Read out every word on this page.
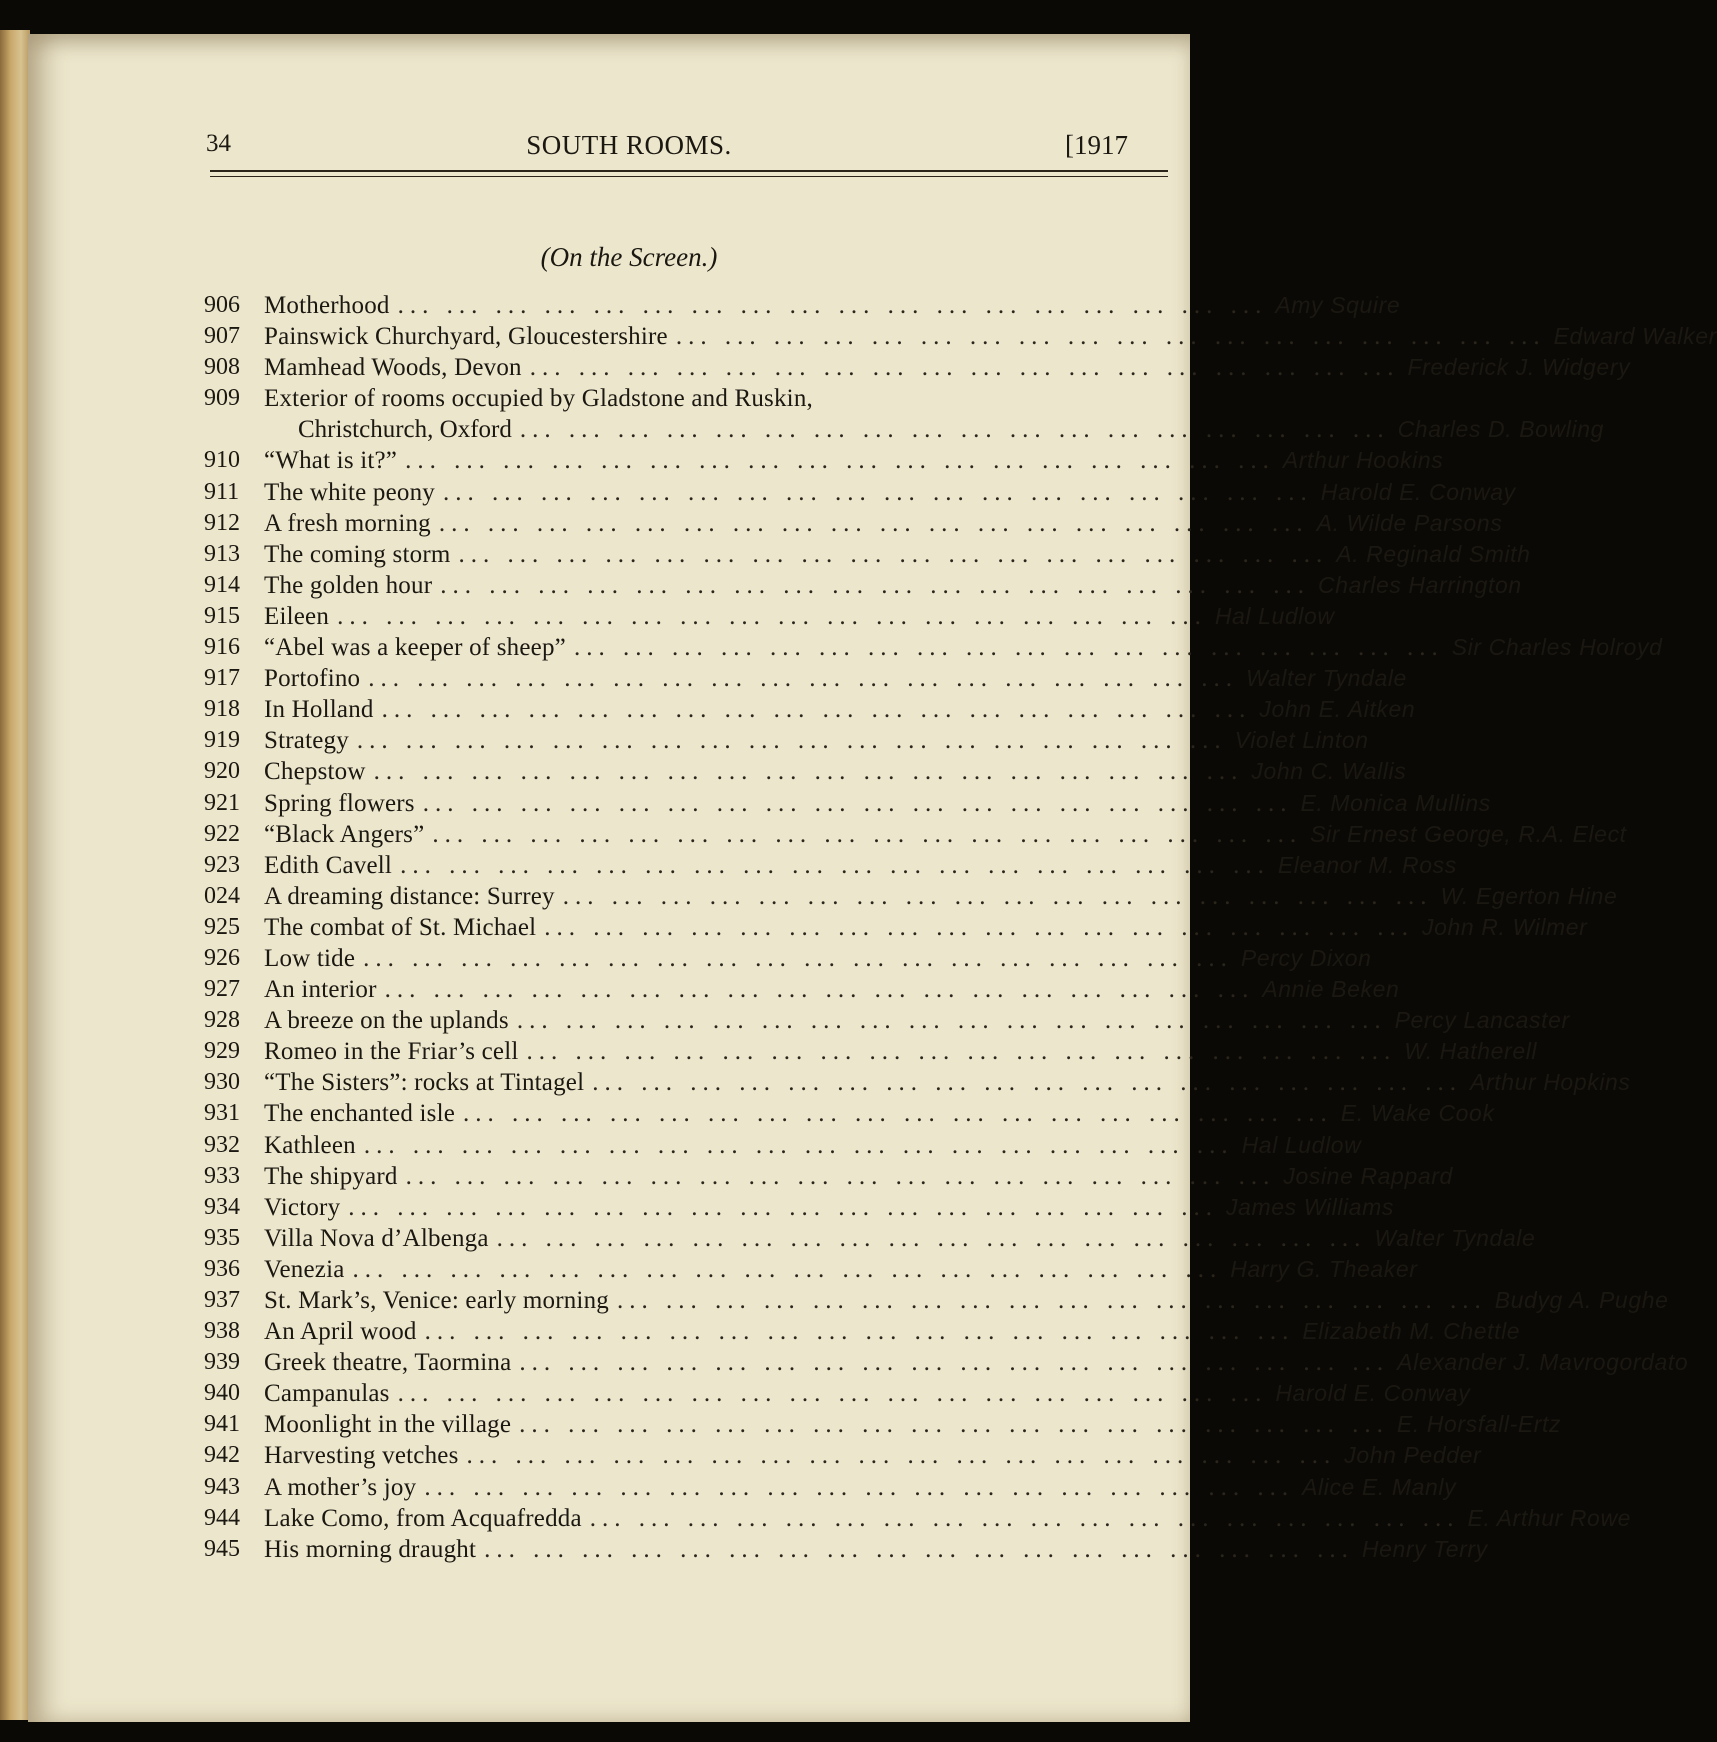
34	SOUTH ROOMS.	[1917
(On the Screen.)
906 Motherhood ... ... ... ... ... ... ... ... ... ... ... ... ... ... ... ... ... ... Amy Squire
907 Painswick Churchyard, Gloucestershire ... ... ... ... ... ... ... ... ... ... ... ... ... ... ... ... ... ... Edward Walker
908 Mamhead Woods, Devon ... ... ... ... ... ... ... ... ... ... ... ... ... ... ... ... ... ... Frederick J. Widgery
909 Exterior of rooms occupied by Gladstone and Ruskin,
Christchurch, Oxford ... ... ... ... ... ... ... ... ... ... ... ... ... ... ... ... ... ... Charles D. Bowling
910 “What is it?” ... ... ... ... ... ... ... ... ... ... ... ... ... ... ... ... ... ... Arthur Hookins
911 The white peony ... ... ... ... ... ... ... ... ... ... ... ... ... ... ... ... ... ... Harold E. Conway
912 A fresh morning ... ... ... ... ... ... ... ... ... ... ... ... ... ... ... ... ... ... A. Wilde Parsons
913 The coming storm ... ... ... ... ... ... ... ... ... ... ... ... ... ... ... ... ... ... A. Reginald Smith
914 The golden hour ... ... ... ... ... ... ... ... ... ... ... ... ... ... ... ... ... ... Charles Harrington
915 Eileen ... ... ... ... ... ... ... ... ... ... ... ... ... ... ... ... ... ... Hal Ludlow
916 “Abel was a keeper of sheep” ... ... ... ... ... ... ... ... ... ... ... ... ... ... ... ... ... ... Sir Charles Holroyd
917 Portofino ... ... ... ... ... ... ... ... ... ... ... ... ... ... ... ... ... ... Walter Tyndale
918 In Holland ... ... ... ... ... ... ... ... ... ... ... ... ... ... ... ... ... ... John E. Aitken
919 Strategy ... ... ... ... ... ... ... ... ... ... ... ... ... ... ... ... ... ... Violet Linton
920 Chepstow ... ... ... ... ... ... ... ... ... ... ... ... ... ... ... ... ... ... John C. Wallis
921 Spring flowers ... ... ... ... ... ... ... ... ... ... ... ... ... ... ... ... ... ... E. Monica Mullins
922 “Black Angers” ... ... ... ... ... ... ... ... ... ... ... ... ... ... ... ... ... ... Sir Ernest George, R.A. Elect
923 Edith Cavell ... ... ... ... ... ... ... ... ... ... ... ... ... ... ... ... ... ... Eleanor M. Ross
024 A dreaming distance: Surrey ... ... ... ... ... ... ... ... ... ... ... ... ... ... ... ... ... ... W. Egerton Hine
925 The combat of St. Michael ... ... ... ... ... ... ... ... ... ... ... ... ... ... ... ... ... ... John R. Wilmer
926 Low tide ... ... ... ... ... ... ... ... ... ... ... ... ... ... ... ... ... ... Percy Dixon
927 An interior ... ... ... ... ... ... ... ... ... ... ... ... ... ... ... ... ... ... Annie Beken
928 A breeze on the uplands ... ... ... ... ... ... ... ... ... ... ... ... ... ... ... ... ... ... Percy Lancaster
929 Romeo in the Friar’s cell ... ... ... ... ... ... ... ... ... ... ... ... ... ... ... ... ... ... W. Hatherell
930 “The Sisters”: rocks at Tintagel ... ... ... ... ... ... ... ... ... ... ... ... ... ... ... ... ... ... Arthur Hopkins
931 The enchanted isle ... ... ... ... ... ... ... ... ... ... ... ... ... ... ... ... ... ... E. Wake Cook
932 Kathleen ... ... ... ... ... ... ... ... ... ... ... ... ... ... ... ... ... ... Hal Ludlow
933 The shipyard ... ... ... ... ... ... ... ... ... ... ... ... ... ... ... ... ... ... Josine Rappard
934 Victory ... ... ... ... ... ... ... ... ... ... ... ... ... ... ... ... ... ... James Williams
935 Villa Nova d’Albenga ... ... ... ... ... ... ... ... ... ... ... ... ... ... ... ... ... ... Walter Tyndale
936 Venezia ... ... ... ... ... ... ... ... ... ... ... ... ... ... ... ... ... ... Harry G. Theaker
937 St. Mark’s, Venice: early morning ... ... ... ... ... ... ... ... ... ... ... ... ... ... ... ... ... ... Budyg A. Pughe
938 An April wood ... ... ... ... ... ... ... ... ... ... ... ... ... ... ... ... ... ... Elizabeth M. Chettle
939 Greek theatre, Taormina ... ... ... ... ... ... ... ... ... ... ... ... ... ... ... ... ... ... Alexander J. Mavrogordato
940 Campanulas ... ... ... ... ... ... ... ... ... ... ... ... ... ... ... ... ... ... Harold E. Conway
941 Moonlight in the village ... ... ... ... ... ... ... ... ... ... ... ... ... ... ... ... ... ... E. Horsfall-Ertz
942 Harvesting vetches ... ... ... ... ... ... ... ... ... ... ... ... ... ... ... ... ... ... John Pedder
943 A mother’s joy ... ... ... ... ... ... ... ... ... ... ... ... ... ... ... ... ... ... Alice E. Manly
944 Lake Como, from Acquafredda ... ... ... ... ... ... ... ... ... ... ... ... ... ... ... ... ... ... E. Arthur Rowe
945 His morning draught ... ... ... ... ... ... ... ... ... ... ... ... ... ... ... ... ... ... Henry Terry
